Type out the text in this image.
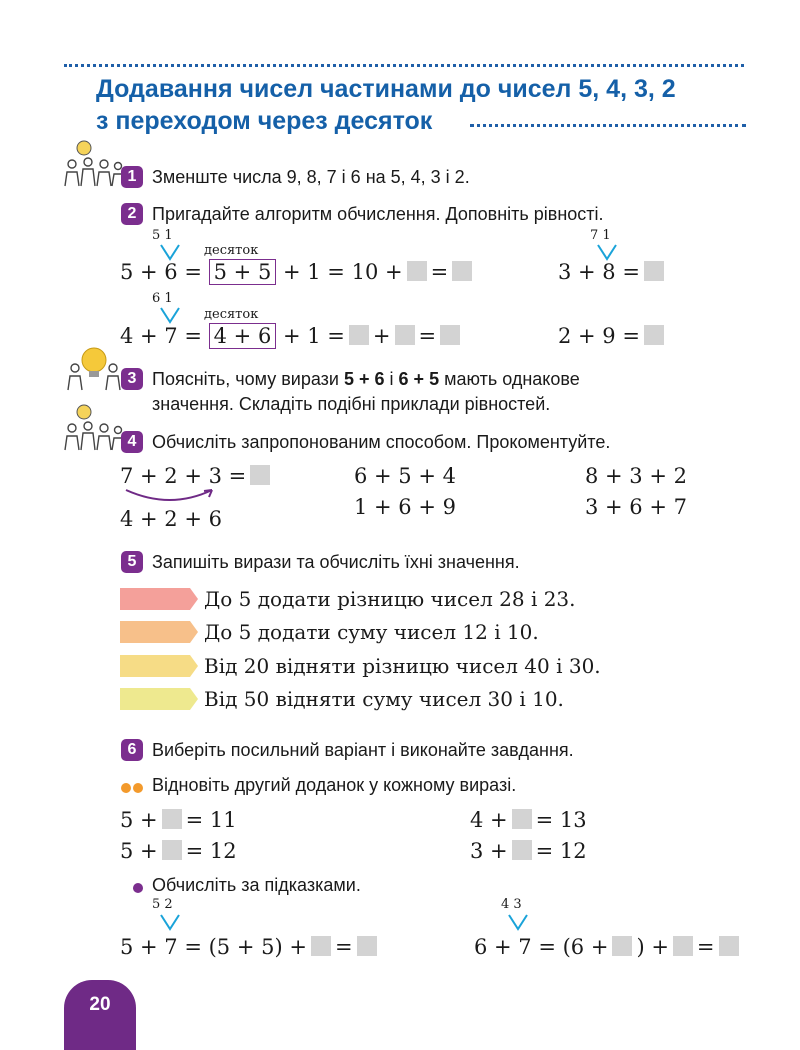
Додавання чисел частинами до чисел 5, 4, 3, 2
з переходом через десяток
1 Зменште числа 9, 8, 7 і 6 на 5, 4, 3 і 2.
2 Пригадайте алгоритм обчислення. Доповніть рівності.
5 1
десяток
5 + 6 = 5 + 5 + 1 = 10 + =
7 1
3 + 8 =
6 1
десяток
4 + 7 = 4 + 6 + 1 = + =	2 + 9 =
3 Поясніть, чому вирази 5 + 6 і 6 + 5 мають однакове
значення. Складіть подібні приклади рівностей.
4 Обчисліть запропонованим способом. Прокоментуйте.
7 + 2 + 3 =
4 + 2 + 6
6 + 5 + 4
1 + 6 + 9
8 + 3 + 2
3 + 6 + 7
5 Запишіть вирази та обчисліть їхні значення.
До 5 додати різницю чисел 28 і 23.
До 5 додати суму чисел 12 і 10.
Від 20 відняти різницю чисел 40 і 30.
Від 50 відняти суму чисел 30 і 10.
6 Виберіть посильний варіант і виконайте завдання.
Відновіть другий доданок у кожному виразі.
5 + = 11
5 + = 12
4 + = 13
3 + = 12
Обчисліть за підказками.
5 2
5 + 7 = (5 + 5) + =
4 3
6 + 7 = (6 + ) + =
20
